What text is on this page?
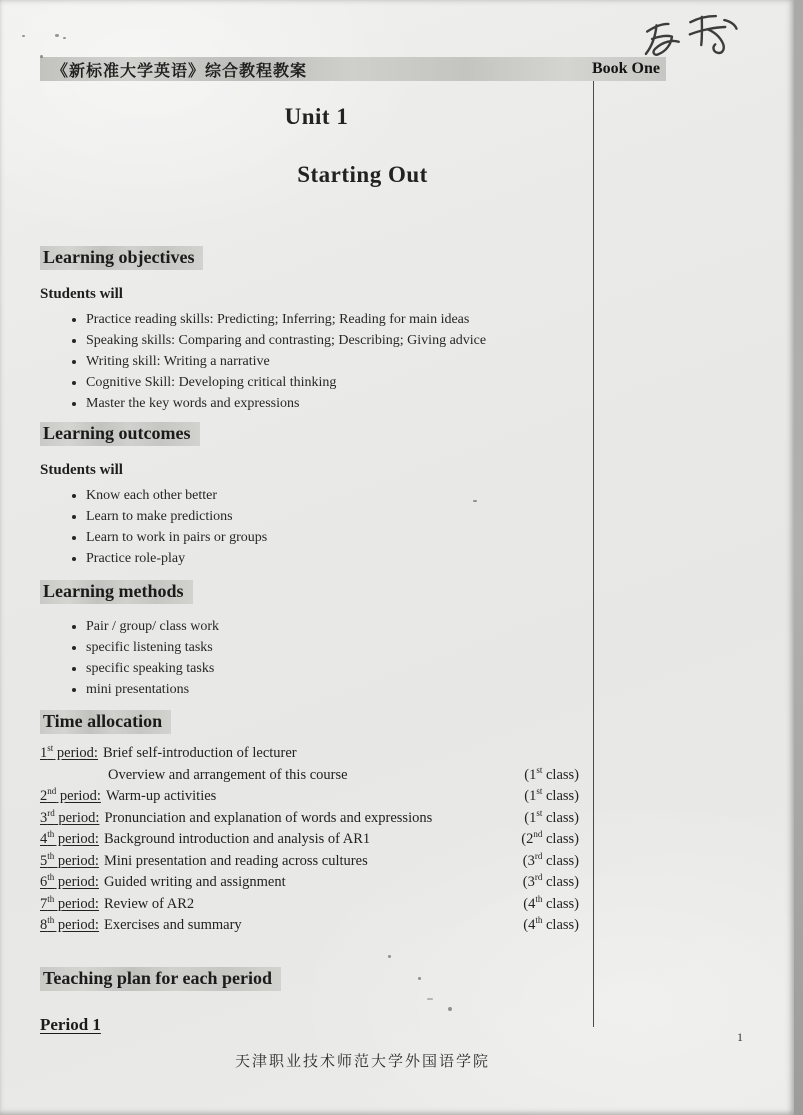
《新标准大学英语》综合教程教案	Book One
Unit 1
Starting Out
Learning objectives
Students will
• Practice reading skills: Predicting; Inferring; Reading for main ideas
• Speaking skills: Comparing and contrasting; Describing; Giving advice
• Writing skill: Writing a narrative
• Cognitive Skill: Developing critical thinking
• Master the key words and expressions
Learning outcomes
Students will
• Know each other better
• Learn to make predictions
• Learn to work in pairs or groups
• Practice role-play
Learning methods
• Pair / group/ class work
• specific listening tasks
• specific speaking tasks
• mini presentations
Time allocation
1st period: Brief self-introduction of lecturer
Overview and arrangement of this course	(1st class)
2nd period: Warm-up activities	(1st class)
3rd period: Pronunciation and explanation of words and expressions	(1st class)
4th period: Background introduction and analysis of AR1	(2nd class)
5th period: Mini presentation and reading across cultures	(3rd class)
6th period: Guided writing and assignment	(3rd class)
7th period: Review of AR2	(4th class)
8th period: Exercises and summary	(4th class)
Teaching plan for each period
Period 1
天津职业技术师范大学外国语学院
1
